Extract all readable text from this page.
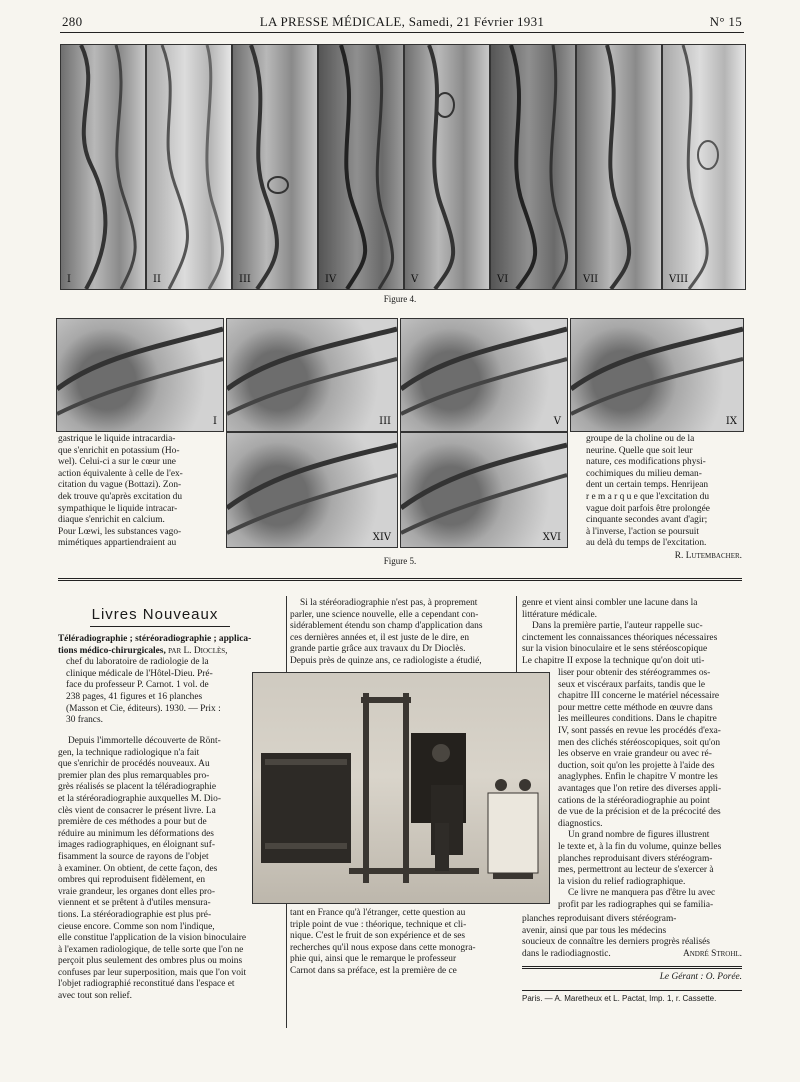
280	LA PRESSE MÉDICALE, Samedi, 21 Février 1931	N° 15
I	II	III	IV	V	VI	VII	VIII
Figure 4.
I	III	V	IX
XIV	XVI
Figure 5.

gastrique le liquide intracardia-

que s'enrichit en potassium (Ho-

wel). Celui-ci a sur le cœur une

action équivalente à celle de l'ex-

citation du vague (Bottazi). Zon-

dek trouve qu'après excitation du

sympathique le liquide intracar-

diaque s'enrichit en calcium.

Pour Lœwi, les substances vago-

mimétiques appartiendraient au

groupe de la choline ou de la

neurine. Quelle que soit leur

nature, ces modifications physi-

cochimiques du milieu deman-

dent un certain temps. Henrijean

r e m a r q u e que l'excitation du

vague doit parfois être prolongée

cinquante secondes avant d'agir;

à l'inverse, l'action se poursuit

au delà du temps de l'excitation.

R. Lutembacher.

Livres Nouveaux

Téléradiographie ; stéréoradiographie ; applica-

tions médico-chirurgicales, par L. Dioclès,

chef du laboratoire de radiologie de la

clinique médicale de l'Hôtel-Dieu. Pré-

face du professeur P. Carnot. 1 vol. de

238 pages, 41 figures et 16 planches

(Masson et Cie, éditeurs). 1930. — Prix :

30 francs.

Depuis l'immortelle découverte de Rönt-

gen, la technique radiologique n'a fait

que s'enrichir de procédés nouveaux. Au

premier plan des plus remarquables pro-

grès réalisés se placent la téléradiographie

et la stéréoradiographie auxquelles M. Dio-

clès vient de consacrer le présent livre. La

première de ces méthodes a pour but de

réduire au minimum les déformations des

images radiographiques, en éloignant suf-

fisamment la source de rayons de l'objet

à examiner. On obtient, de cette façon, des

ombres qui reproduisent fidèlement, en

vraie grandeur, les organes dont elles pro-

viennent et se prêtent à d'utiles mensura-

tions. La stéréoradiographie est plus pré-

cieuse encore. Comme son nom l'indique,

elle constitue l'application de la vision binoculaire

à l'examen radiologique, de telle sorte que l'on ne

perçoit plus seulement des ombres plus ou moins

confuses par leur superposition, mais que l'on voit

l'objet radiographié reconstitué dans l'espace et

avec tout son relief.

Si la stéréoradiographie n'est pas, à proprement

parler, une science nouvelle, elle a cependant con-

sidérablement étendu son champ d'application dans

ces dernières années et, il est juste de le dire, en

grande partie grâce aux travaux du Dr Dioclès.

Depuis près de quinze ans, ce radiologiste a étudié,

tant en France qu'à l'étranger, cette question au

triple point de vue : théorique, technique et cli-

nique. C'est le fruit de son expérience et de ses

recherches qu'il nous expose dans cette monogra-

phie qui, ainsi que le remarque le professeur

Carnot dans sa préface, est la première de ce

genre et vient ainsi combler une lacune dans la

littérature médicale.

Dans la première partie, l'auteur rappelle suc-

cinctement les connaissances théoriques nécessaires

sur la vision binoculaire et le sens stéréoscopique

Le chapitre II expose la technique qu'on doit uti-

liser pour obtenir des stéréogrammes os-

seux et viscéraux parfaits, tandis que le

chapitre III concerne le matériel nécessaire

pour mettre cette méthode en œuvre dans

les meilleures conditions. Dans le chapitre

IV, sont passés en revue les procédés d'exa-

men des clichés stéréoscopiques, soit qu'on

les observe en vraie grandeur ou avec ré-

duction, soit qu'on les projette à l'aide des

anaglyphes. Enfin le chapitre V montre les

avantages que l'on retire des diverses appli-

cations de la stéréoradiographie au point

de vue de la précision et de la précocité des

diagnostics.

Un grand nombre de figures illustrent

le texte et, à la fin du volume, quinze belles

planches reproduisant divers stéréogram-

mes, permettront au lecteur de s'exercer à

la vision du relief radiographique.

Ce livre ne manquera pas d'être lu avec

profit par les radiographes qui se familia-

planches reproduisant divers stéréogram-

avenir, ainsi que par tous les médecins

soucieux de connaître les derniers progrès réalisés

dans le radiodiagnostic.	André Strohl.

Le Gérant : O. Porée.
Paris. — A. Maretheux et L. Pactat, Imp. 1, r. Cassette.
